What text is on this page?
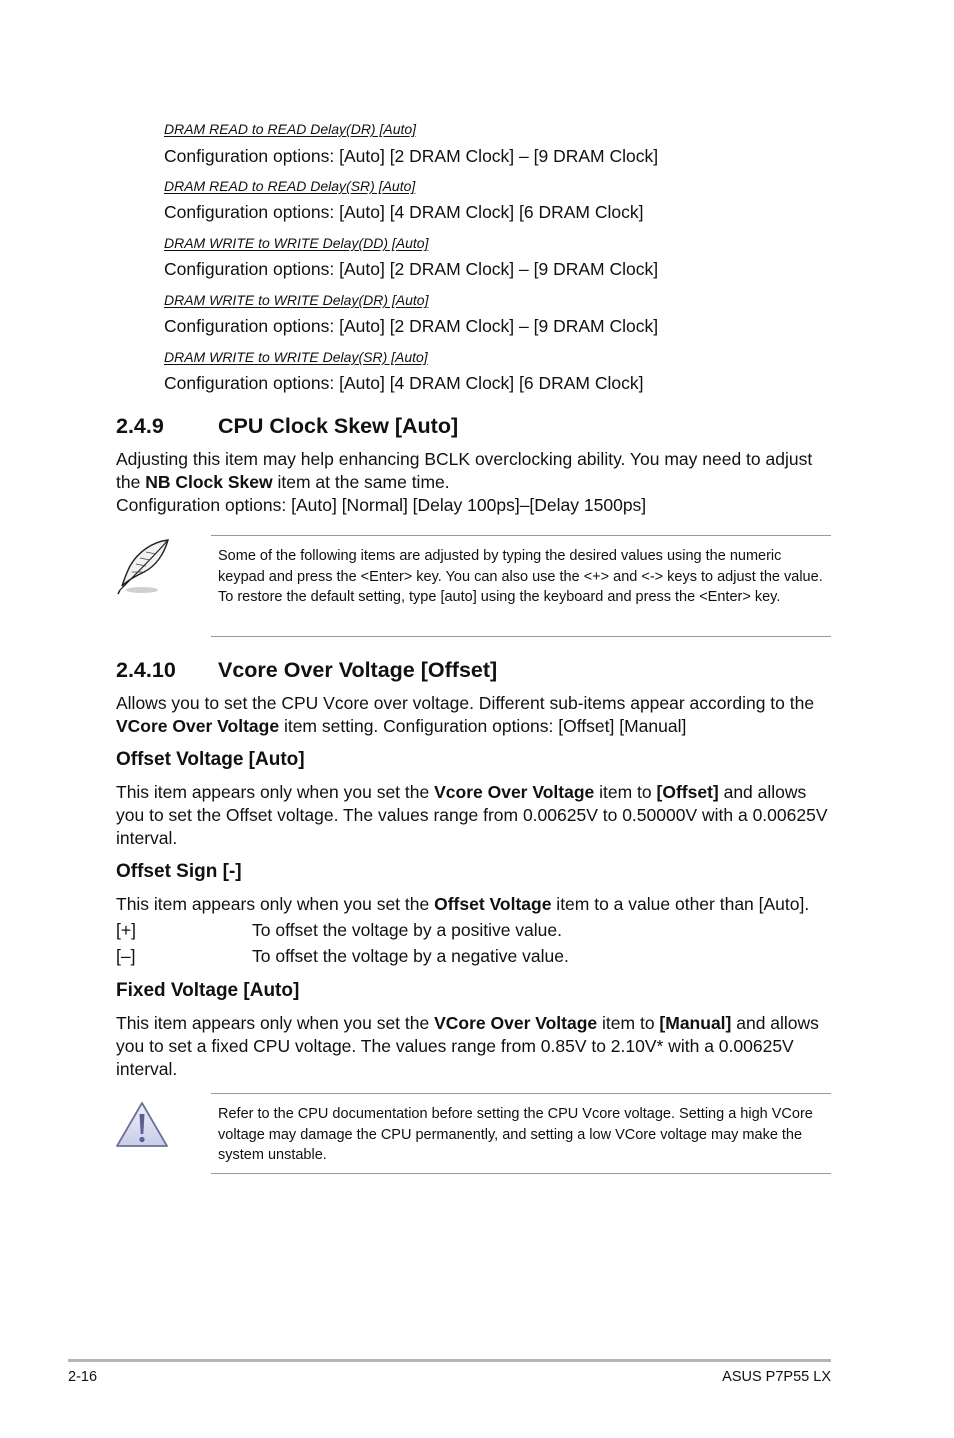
DRAM READ to READ Delay(DR) [Auto]
Configuration options: [Auto] [2 DRAM Clock] – [9 DRAM Clock]
DRAM READ to READ Delay(SR) [Auto]
Configuration options: [Auto] [4 DRAM Clock] [6 DRAM Clock]
DRAM WRITE to WRITE Delay(DD) [Auto]
Configuration options: [Auto] [2 DRAM Clock] – [9 DRAM Clock]
DRAM WRITE to WRITE Delay(DR) [Auto]
Configuration options: [Auto] [2 DRAM Clock] – [9 DRAM Clock]
DRAM WRITE to WRITE Delay(SR) [Auto]
Configuration options: [Auto] [4 DRAM Clock] [6 DRAM Clock]
2.4.9	CPU Clock Skew [Auto]
Adjusting this item may help enhancing BCLK overclocking ability. You may need to adjust the NB Clock Skew item at the same time.
Configuration options: [Auto] [Normal] [Delay 100ps]–[Delay 1500ps]
Some of the following items are adjusted by typing the desired values using the numeric keypad and press the <Enter> key. You can also use the <+> and <-> keys to adjust the value. To restore the default setting, type [auto] using the keyboard and press the <Enter> key.
2.4.10 Vcore Over Voltage [Offset]
Allows you to set the CPU Vcore over voltage. Different sub-items appear according to the VCore Over Voltage item setting. Configuration options: [Offset] [Manual]
Offset Voltage [Auto]
This item appears only when you set the Vcore Over Voltage item to [Offset] and allows you to set the Offset voltage. The values range from 0.00625V to 0.50000V with a 0.00625V interval.
Offset Sign [-]
This item appears only when you set the Offset Voltage item to a value other than [Auto].
[+]	To offset the voltage by a positive value.
[–]	To offset the voltage by a negative value.
Fixed Voltage [Auto]
This item appears only when you set the VCore Over Voltage item to [Manual] and allows you to set a fixed CPU voltage. The values range from 0.85V to 2.10V* with a 0.00625V interval.
Refer to the CPU documentation before setting the CPU Vcore voltage. Setting a high VCore voltage may damage the CPU permanently, and setting a low VCore voltage may make the system unstable.
2-16	ASUS P7P55 LX
